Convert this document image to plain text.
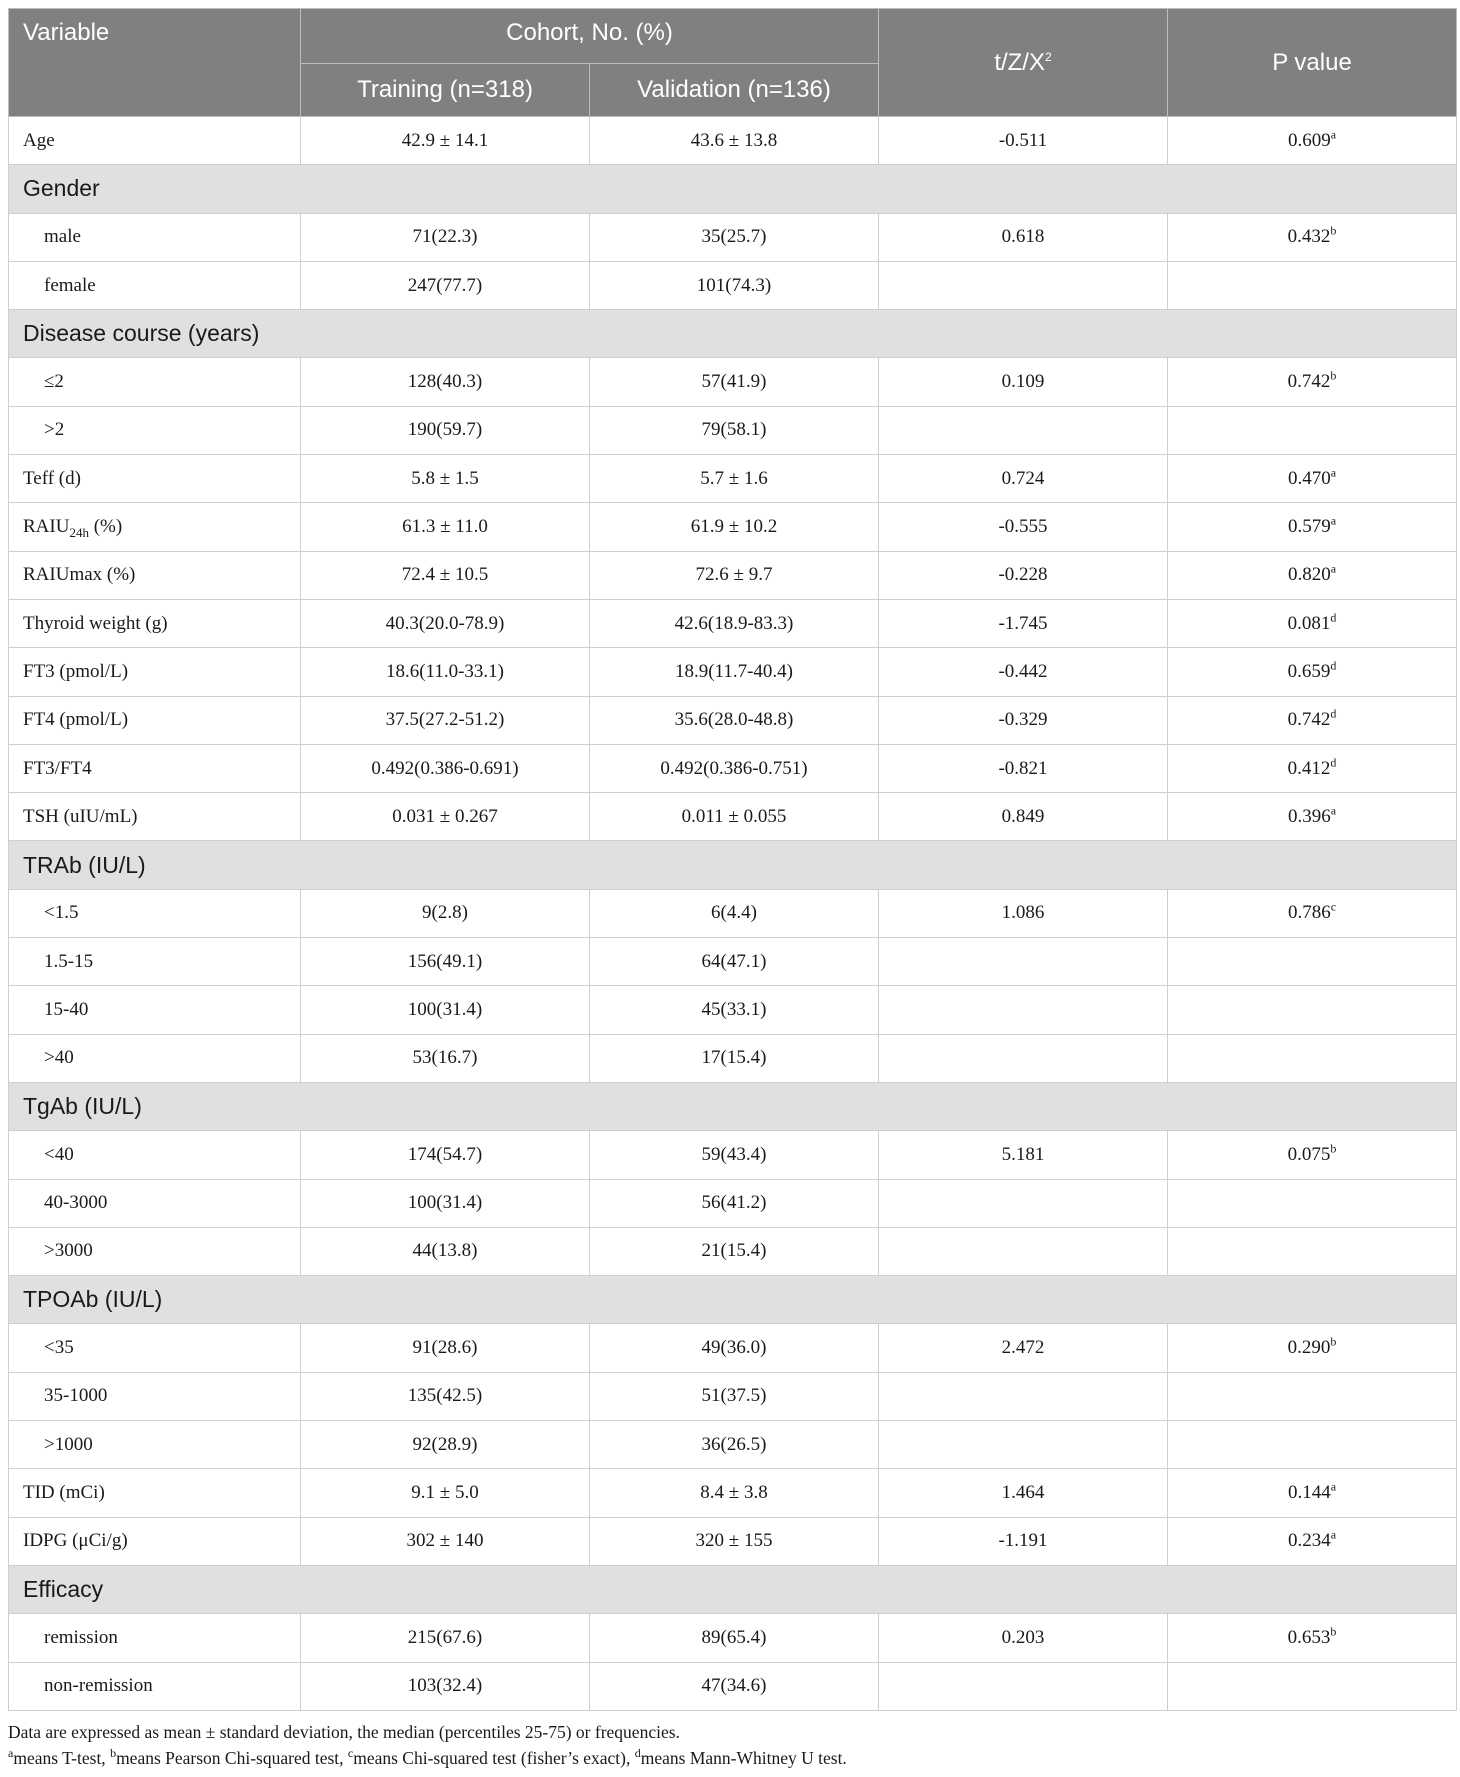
Variable	Cohort, No. (%)		$t/Z/X^2$	P value
	Training (n=318)	Validation (n=136)		
Age	42.9 ± 14.1	43.6 ± 13.8	-0.511	0.609$^a$
Gender				
male	71(22.3)	35(25.7)	0.618	0.432$^b$
female	247(77.7)	101(74.3)		
Disease course (years)				
≤2	128(40.3)	57(41.9)	0.109	0.742$^b$
>2	190(59.7)	79(58.1)		
Teff (d)	5.8 ± 1.5	5.7 ± 1.6	0.724	0.470$^a$
$RAIU_{24h}$ (%)	61.3 ± 11.0	61.9 ± 10.2	-0.555	0.579$^a$
RAIUmax (%)	72.4 ± 10.5	72.6 ± 9.7	-0.228	0.820$^a$
Thyroid weight (g)	40.3(20.0-78.9)	42.6(18.9-83.3)	-1.745	0.081$^d$
FT3 (pmol/L)	18.6(11.0-33.1)	18.9(11.7-40.4)	-0.442	0.659$^d$
FT4 (pmol/L)	37.5(27.2-51.2)	35.6(28.0-48.8)	-0.329	0.742$^d$
FT3/FT4	0.492(0.386-0.691)	0.492(0.386-0.751)	-0.821	0.412$^d$
TSH (uIU/mL)	0.031 ± 0.267	0.011 ± 0.055	0.849	0.396$^a$
TRAb (IU/L)				
<1.5	9(2.8)	6(4.4)	1.086	0.786$^c$
1.5-15	156(49.1)	64(47.1)		
15-40	100(31.4)	45(33.1)		
>40	53(16.7)	17(15.4)		
TgAb (IU/L)				
<40	174(54.7)	59(43.4)	5.181	0.075$^b$
40-3000	100(31.4)	56(41.2)		
>3000	44(13.8)	21(15.4)		
TPOAb (IU/L)				
<35	91(28.6)	49(36.0)	2.472	0.290$^b$
35-1000	135(42.5)	51(37.5)		
>1000	92(28.9)	36(26.5)		
TID (mCi)	9.1 ± 5.0	8.4 ± 3.8	1.464	0.144$^a$
IDPG (μCi/g)	302 ± 140	320 ± 155	-1.191	0.234$^a$
Efficacy				
remission	215(67.6)	89(65.4)	0.203	0.653$^b$
non-remission	103(32.4)	47(34.6)		
Data are expressed as mean ± standard deviation, the median (percentiles 25-75) or frequencies.
$^a$means T-test, $^b$means Pearson Chi-squared test, $^c$means Chi-squared test (fisher’s exact), $^d$means Mann-Whitney U test.
